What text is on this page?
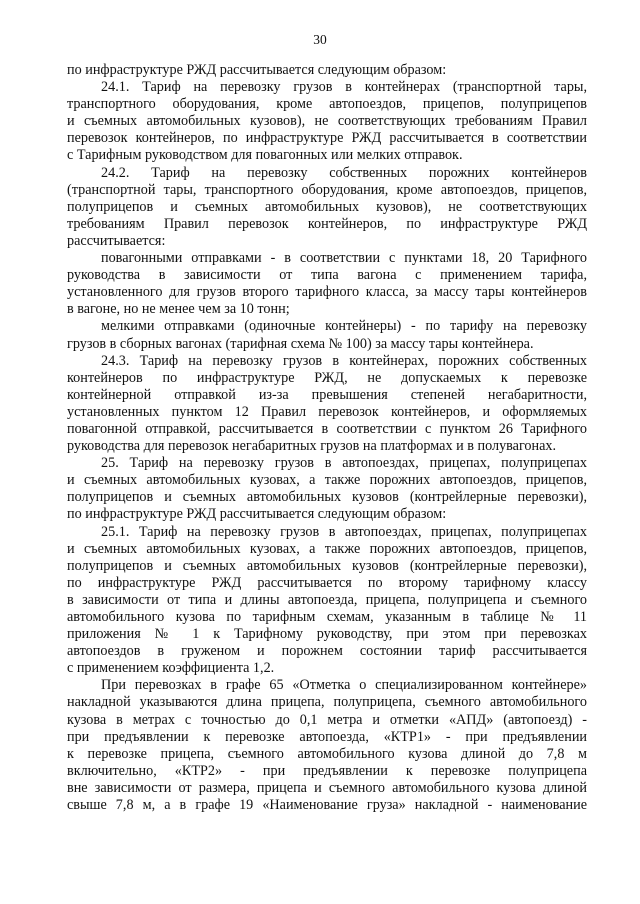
30
по инфраструктуре РЖД рассчитывается следующим образом:
24.1. Тариф на перевозку грузов в контейнерах (транспортной тары,
транспортного оборудования, кроме автопоездов, прицепов, полуприцепов
и съемных автомобильных кузовов), не соответствующих требованиям Правил
перевозок контейнеров, по инфраструктуре РЖД рассчитывается в соответствии
с Тарифным руководством для повагонных или мелких отправок.
24.2. Тариф на перевозку собственных порожних контейнеров
(транспортной тары, транспортного оборудования, кроме автопоездов, прицепов,
полуприцепов и съемных автомобильных кузовов), не соответствующих
требованиям Правил перевозок контейнеров, по инфраструктуре РЖД
рассчитывается:
повагонными отправками - в соответствии с пунктами 18, 20 Тарифного
руководства в зависимости от типа вагона с применением тарифа,
установленного для грузов второго тарифного класса, за массу тары контейнеров
в вагоне, но не менее чем за 10 тонн;
мелкими отправками (одиночные контейнеры) - по тарифу на перевозку
грузов в сборных вагонах (тарифная схема № 100) за массу тары контейнера.
24.3. Тариф на перевозку грузов в контейнерах, порожних собственных
контейнеров по инфраструктуре РЖД, не допускаемых к перевозке
контейнерной отправкой из-за превышения степеней негабаритности,
установленных пунктом 12 Правил перевозок контейнеров, и оформляемых
повагонной отправкой, рассчитывается в соответствии с пунктом 26 Тарифного
руководства для перевозок негабаритных грузов на платформах и в полувагонах.
25. Тариф на перевозку грузов в автопоездах, прицепах, полуприцепах
и съемных автомобильных кузовах, а также порожних автопоездов, прицепов,
полуприцепов и съемных автомобильных кузовов (контрейлерные перевозки),
по инфраструктуре РЖД рассчитывается следующим образом:
25.1. Тариф на перевозку грузов в автопоездах, прицепах, полуприцепах
и съемных автомобильных кузовах, а также порожних автопоездов, прицепов,
полуприцепов и съемных автомобильных кузовов (контрейлерные перевозки),
по инфраструктуре РЖД рассчитывается по второму тарифному классу
в зависимости от типа и длины автопоезда, прицепа, полуприцепа и съемного
автомобильного кузова по тарифным схемам, указанным в таблице № 11
приложения № 1 к Тарифному руководству, при этом при перевозках
автопоездов в груженом и порожнем состоянии тариф рассчитывается
с применением коэффициента 1,2.
При перевозках в графе 65 «Отметка о специализированном контейнере»
накладной указываются длина прицепа, полуприцепа, съемного автомобильного
кузова в метрах с точностью до 0,1 метра и отметки «АПД» (автопоезд) -
при предъявлении к перевозке автопоезда, «КТР1» - при предъявлении
к перевозке прицепа, съемного автомобильного кузова длиной до 7,8 м
включительно, «КТР2» - при предъявлении к перевозке полуприцепа
вне зависимости от размера, прицепа и съемного автомобильного кузова длиной
свыше 7,8 м, а в графе 19 «Наименование груза» накладной - наименование
